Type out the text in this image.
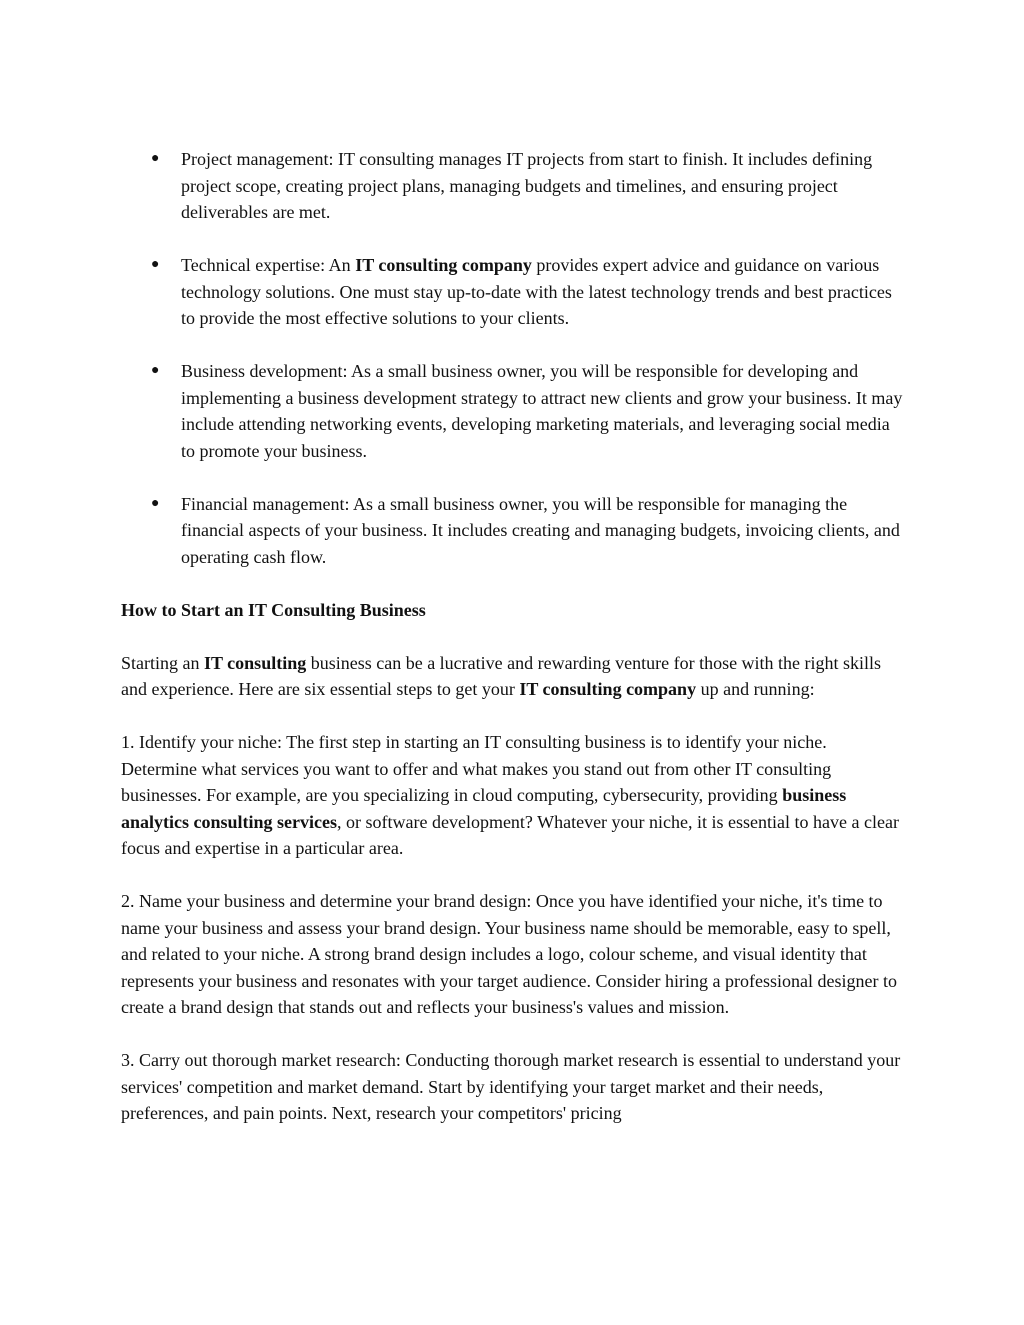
● Project management: IT consulting manages IT projects from start to finish. It includes defining project scope, creating project plans, managing budgets and timelines, and ensuring project deliverables are met.
● Technical expertise: An IT consulting company provides expert advice and guidance on various technology solutions. One must stay up-to-date with the latest technology trends and best practices to provide the most effective solutions to your clients.
● Business development: As a small business owner, you will be responsible for developing and implementing a business development strategy to attract new clients and grow your business. It may include attending networking events, developing marketing materials, and leveraging social media to promote your business.
● Financial management: As a small business owner, you will be responsible for managing the financial aspects of your business. It includes creating and managing budgets, invoicing clients, and operating cash flow.
How to Start an IT Consulting Business

Starting an IT consulting business can be a lucrative and rewarding venture for those with the right skills and experience. Here are six essential steps to get your IT consulting company up and running:

1. Identify your niche: The first step in starting an IT consulting business is to identify your niche. Determine what services you want to offer and what makes you stand out from other IT consulting businesses. For example, are you specializing in cloud computing, cybersecurity, providing business analytics consulting services, or software development? Whatever your niche, it is essential to have a clear focus and expertise in a particular area.

2. Name your business and determine your brand design: Once you have identified your niche, it's time to name your business and assess your brand design. Your business name should be memorable, easy to spell, and related to your niche. A strong brand design includes a logo, colour scheme, and visual identity that represents your business and resonates with your target audience. Consider hiring a professional designer to create a brand design that stands out and reflects your business's values and mission.

3. Carry out thorough market research: Conducting thorough market research is essential to understand your services' competition and market demand. Start by identifying your target market and their needs, preferences, and pain points. Next, research your competitors' pricing
